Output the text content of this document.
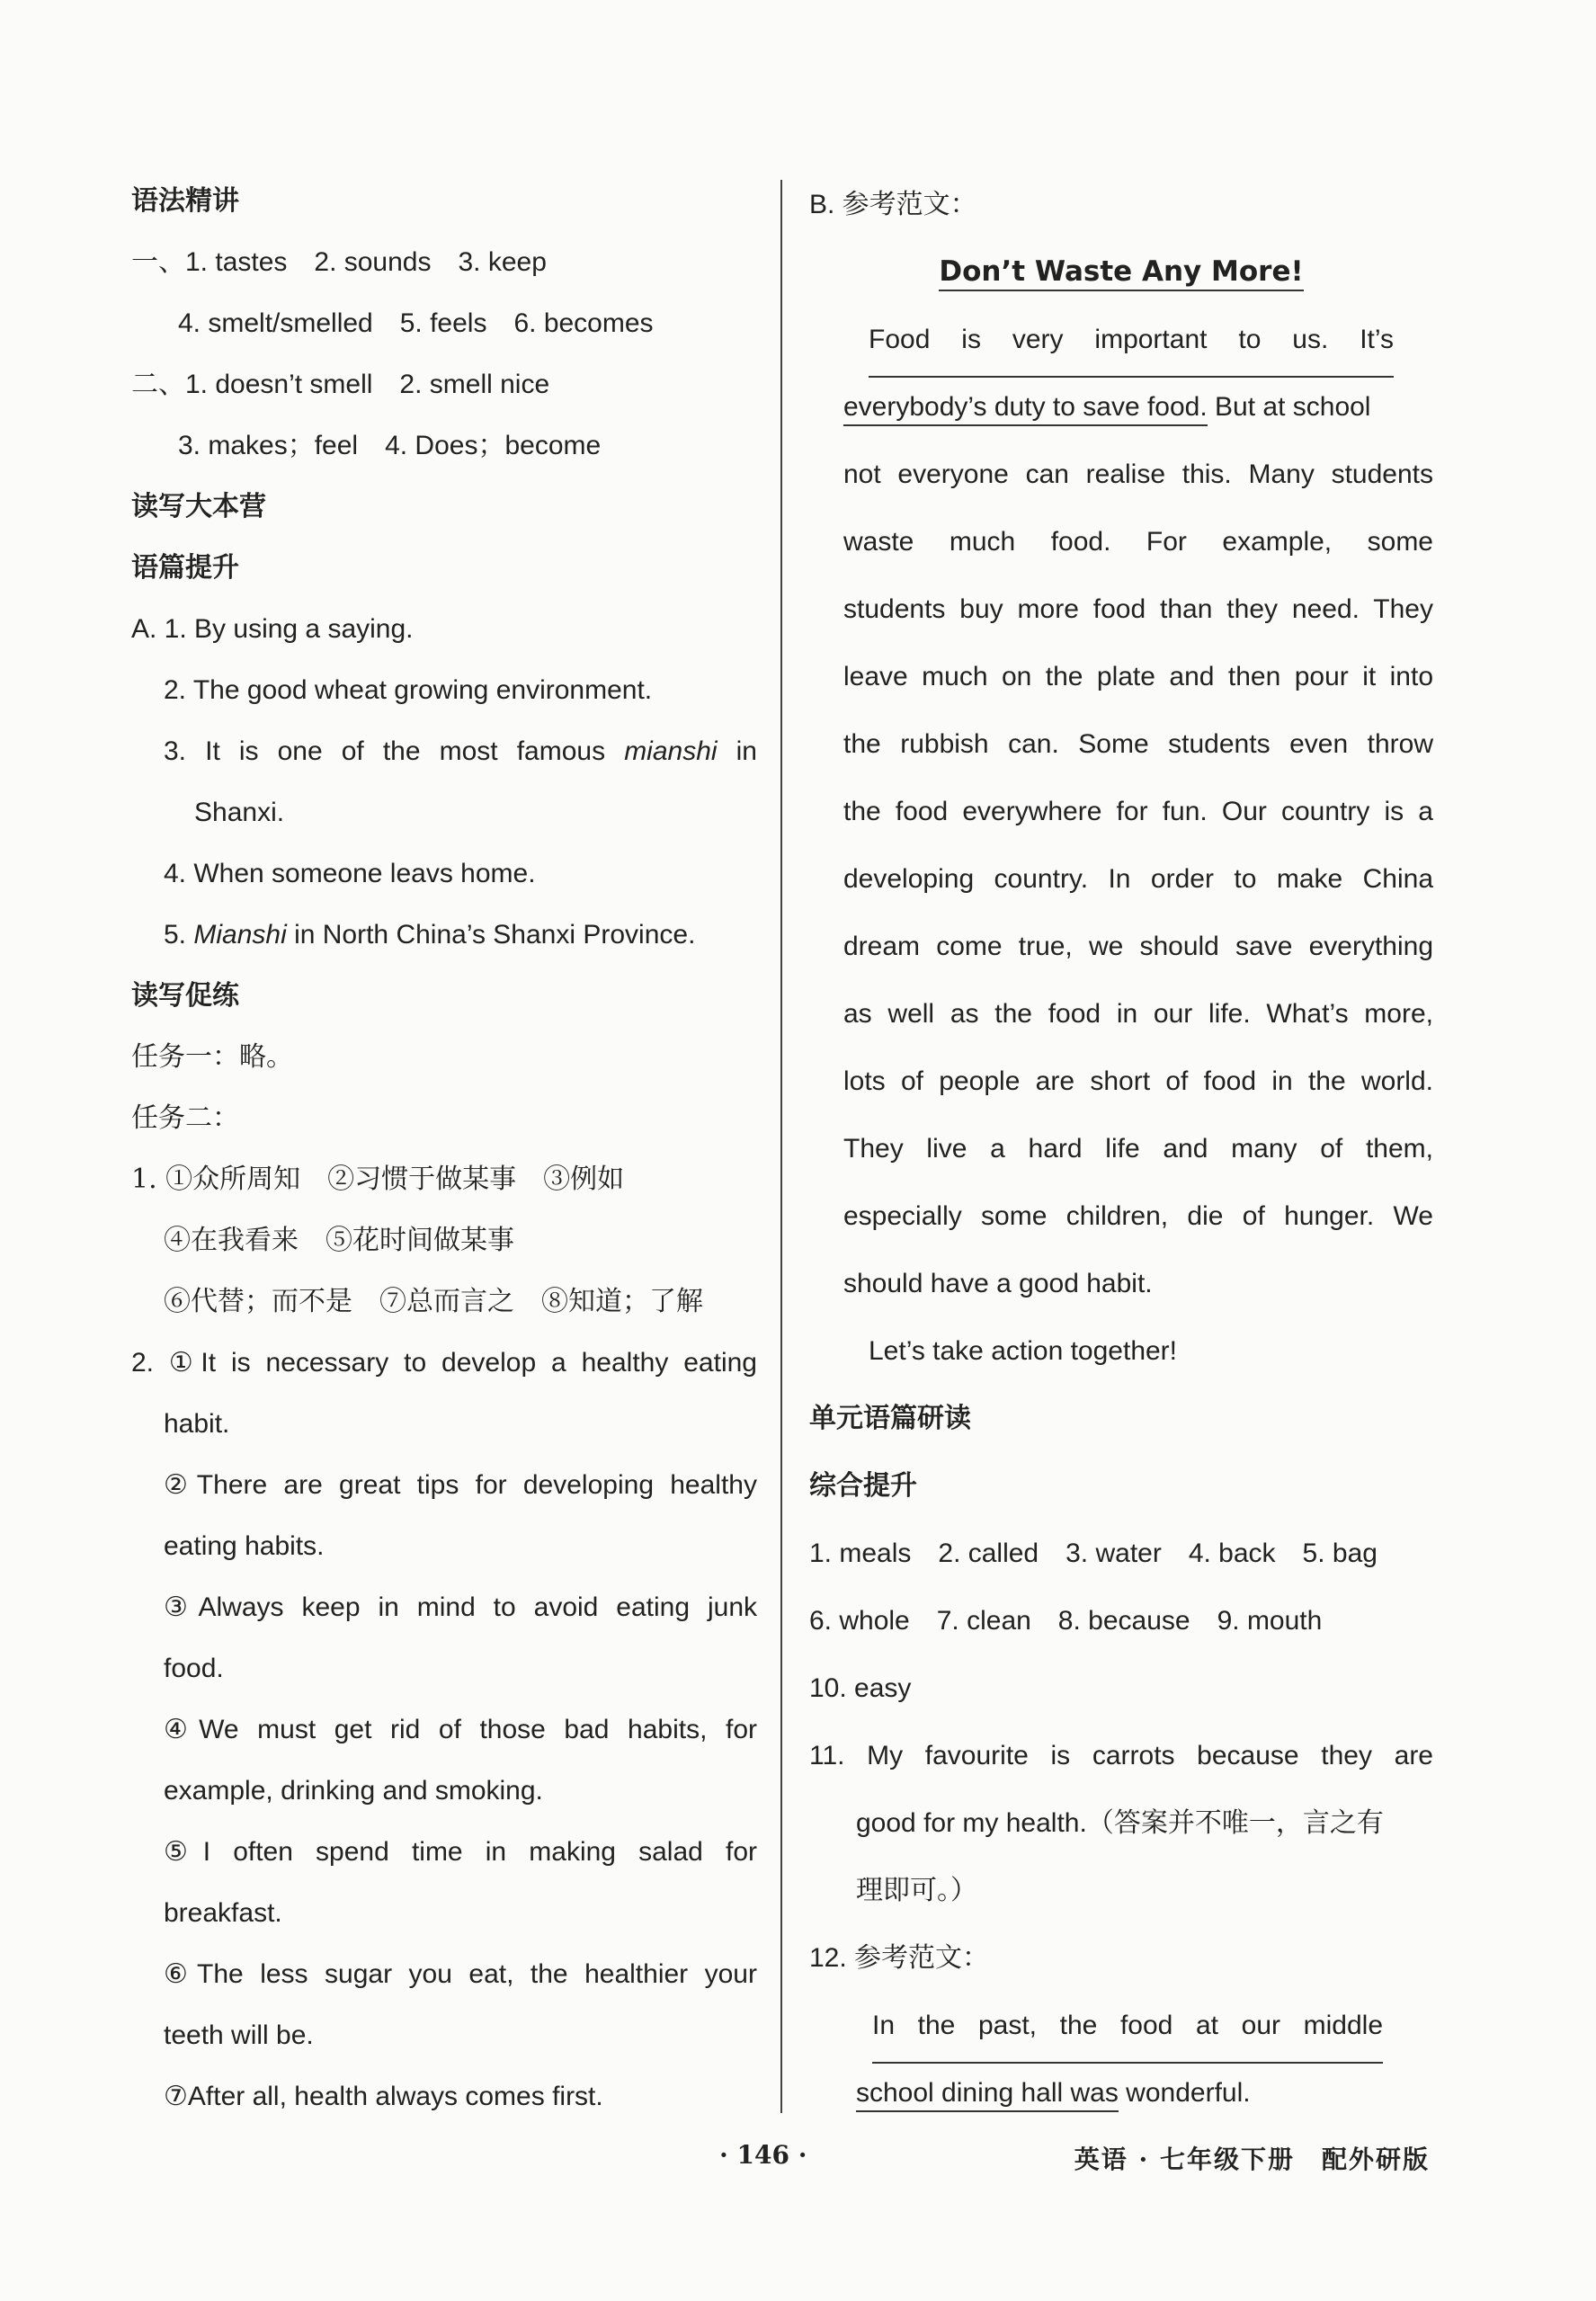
语法精讲
一、1. tastes　2. sounds　3. keep
4. smelt/smelled　5. feels　6. becomes
二、1. doesn’t smell　2. smell nice
3. makes；feel　4. Does；become
读写大本营
语篇提升
A. 1. By using a saying.
2. The good wheat growing environment.
3. It is one of the most famous mianshi in
Shanxi.
4. When someone leavs home.
5. Mianshi in North China’s Shanxi Province.
读写促练
任务一：略。
任务二：
1. ①众所周知　②习惯于做某事　③例如
④在我看来　⑤花时间做某事
⑥代替；而不是　⑦总而言之　⑧知道；了解
2. ①It is necessary to develop a healthy eating
habit.
②There are great tips for developing healthy
eating habits.
③Always keep in mind to avoid eating junk
food.
④We must get rid of those bad habits, for
example, drinking and smoking.
⑤I often spend time in making salad for
breakfast.
⑥The less sugar you eat, the healthier your
teeth will be.
⑦After all, health always comes first.
B. 参考范文：
Don’t Waste Any More!
Food is very important to us. It’s
everybody’s duty to save food. But at school
not everyone can realise this. Many students
waste much food. For example, some
students buy more food than they need. They
leave much on the plate and then pour it into
the rubbish can. Some students even throw
the food everywhere for fun. Our country is a
developing country. In order to make China
dream come true, we should save everything
as well as the food in our life. What’s more,
lots of people are short of food in the world.
They live a hard life and many of them,
especially some children, die of hunger. We
should have a good habit.
Let’s take action together!
单元语篇研读
综合提升
1. meals　2. called　3. water　4. back　5. bag
6. whole　7. clean　8. because　9. mouth
10. easy
11. My favourite is carrots because they are
good for my health.（答案并不唯一，言之有
理即可。）
12. 参考范文：
In the past, the food at our middle
school dining hall was wonderful.
· 146 ·	英语 · 七年级下册　配外研版
